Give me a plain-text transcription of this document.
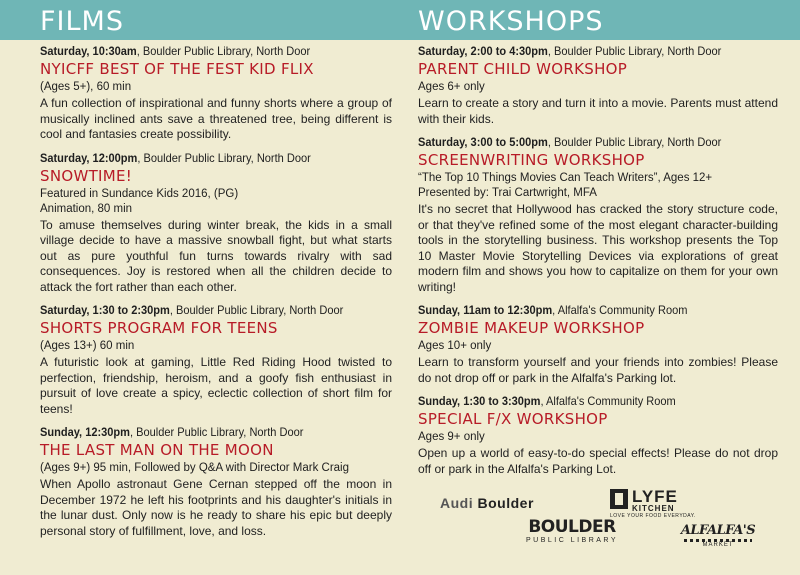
FILMS
Saturday, 10:30am, Boulder Public Library, North Door
NYICFF BEST OF THE FEST KID FLIX
(Ages 5+), 60 min
A fun collection of inspirational and funny shorts where a group of musically inclined ants save a threatened tree, being different is cool and fantasies create possibility.
Saturday, 12:00pm, Boulder Public Library, North Door
SNOWTIME!
Featured in Sundance Kids 2016, (PG)
Animation, 80 min
To amuse themselves during winter break, the kids in a small village decide to have a massive snowball fight, but what starts out as pure youthful fun turns towards rivalry with sad consequences. Joy is restored when all the children decide to attack the fort rather than each other.
Saturday, 1:30 to 2:30pm, Boulder Public Library, North Door
SHORTS PROGRAM FOR TEENS
(Ages 13+) 60 min
A futuristic look at gaming, Little Red Riding Hood twisted to perfection, friendship, heroism, and a goofy fish enthusiast in pursuit of love create a spicy, eclectic collection of short film for teens!
Sunday, 12:30pm, Boulder Public Library, North Door
THE LAST MAN ON THE MOON
(Ages 9+) 95 min, Followed by Q&A with Director Mark Craig
When Apollo astronaut Gene Cernan stepped off the moon in December 1972 he left his footprints and his daughter's initials in the lunar dust. Only now is he ready to share his epic but deeply personal story of fulfillment, love, and loss.
WORKSHOPS
Saturday, 2:00 to 4:30pm, Boulder Public Library, North Door
PARENT CHILD WORKSHOP
Ages 6+ only
Learn to create a story and turn it into a movie. Parents must attend with their kids.
Saturday, 3:00 to 5:00pm, Boulder Public Library, North Door
SCREENWRITING WORKSHOP
“The Top 10 Things Movies Can Teach Writers”, Ages 12+
Presented by: Trai Cartwright, MFA
It's no secret that Hollywood has cracked the story structure code, or that they've refined some of the most elegant character-building tools in the storytelling business. This workshop presents the Top 10 Master Movie Storytelling Devices via explorations of great modern film and shows you how to capitalize on them for your own writing!
Sunday, 11am to 12:30pm, Alfalfa's Community Room
ZOMBIE MAKEUP WORKSHOP
Ages 10+ only
Learn to transform yourself and your friends into zombies! Please do not drop off or park in the Alfalfa's Parking lot.
Sunday, 1:30 to 3:30pm, Alfalfa's Community Room
SPECIAL F/X WORKSHOP
Ages 9+ only
Open up a world of easy-to-do special effects! Please do not drop off or park in the Alfalfa's Parking Lot.
Audi Boulder	LYFE
KITCHEN
LOVE YOUR FOOD EVERYDAY.
BOULDER
PUBLIC LIBRARY
ALFALFA'S
MARKET
